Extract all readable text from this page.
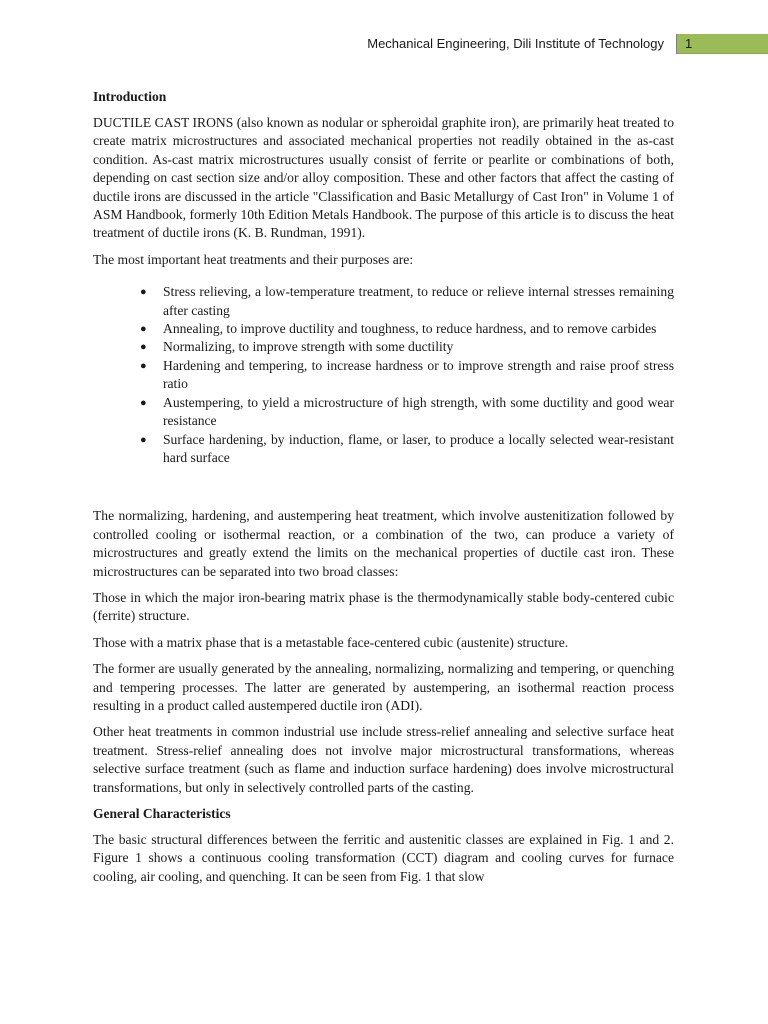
Mechanical Engineering, Dili Institute of Technology 1
Introduction

DUCTILE CAST IRONS (also known as nodular or spheroidal graphite iron), are primarily heat treated to create matrix microstructures and associated mechanical properties not readily obtained in the as-cast condition. As-cast matrix microstructures usually consist of ferrite or pearlite or combinations of both, depending on cast section size and/or alloy composition. These and other factors that affect the casting of ductile irons are discussed in the article "Classification and Basic Metallurgy of Cast Iron" in Volume 1 of ASM Handbook, formerly 10th Edition Metals Handbook. The purpose of this article is to discuss the heat treatment of ductile irons (K. B. Rundman, 1991).

The most important heat treatments and their purposes are:

● Stress relieving, a low-temperature treatment, to reduce or relieve internal stresses remaining after casting
● Annealing, to improve ductility and toughness, to reduce hardness, and to remove carbides
● Normalizing, to improve strength with some ductility
● Hardening and tempering, to increase hardness or to improve strength and raise proof stress ratio
● Austempering, to yield a microstructure of high strength, with some ductility and good wear resistance
● Surface hardening, by induction, flame, or laser, to produce a locally selected wear-resistant hard surface

The normalizing, hardening, and austempering heat treatment, which involve austenitization followed by controlled cooling or isothermal reaction, or a combination of the two, can produce a variety of microstructures and greatly extend the limits on the mechanical properties of ductile cast iron. These microstructures can be separated into two broad classes:

Those in which the major iron-bearing matrix phase is the thermodynamically stable body-centered cubic (ferrite) structure.

Those with a matrix phase that is a metastable face-centered cubic (austenite) structure.

The former are usually generated by the annealing, normalizing, normalizing and tempering, or quenching and tempering processes. The latter are generated by austempering, an isothermal reaction process resulting in a product called austempered ductile iron (ADI).

Other heat treatments in common industrial use include stress-relief annealing and selective surface heat treatment. Stress-relief annealing does not involve major microstructural transformations, whereas selective surface treatment (such as flame and induction surface hardening) does involve microstructural transformations, but only in selectively controlled parts of the casting.

General Characteristics

The basic structural differences between the ferritic and austenitic classes are explained in Fig. 1 and 2. Figure 1 shows a continuous cooling transformation (CCT) diagram and cooling curves for furnace cooling, air cooling, and quenching. It can be seen from Fig. 1 that slow
